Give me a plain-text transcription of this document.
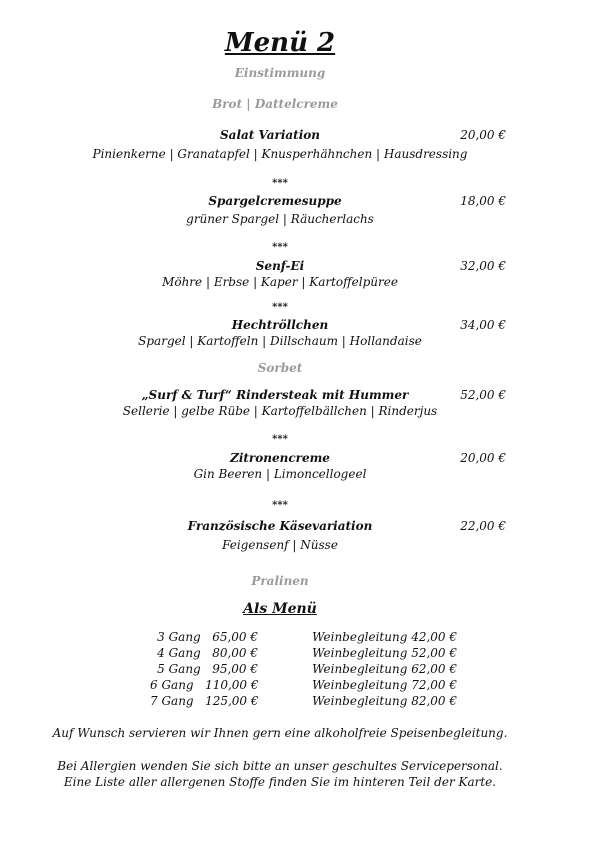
Menü 2
Einstimmung
Brot | Dattelcreme
Salat Variation	20,00 €
Pinienkerne | Granatapfel | Knusperhähnchen | Hausdressing
***
Spargelcremesuppe	18,00 €
grüner Spargel | Räucherlachs
***
Senf-Ei	32,00 €
Möhre | Erbse | Kaper | Kartoffelpüree
***
Hechtröllchen	34,00 €
Spargel | Kartoffeln | Dillschaum | Hollandaise
Sorbet
„Surf & Turf“ Rindersteak mit Hummer	52,00 €
Sellerie | gelbe Rübe | Kartoffelbällchen | Rinderjus
***
Zitronencreme	20,00 €
Gin Beeren | Limoncellogeel
***
Französische Käsevariation	22,00 €
Feigensenf | Nüsse
Pralinen
Als Menü
3 Gang 65,00 €	Weinbegleitung 42,00 €
4 Gang 80,00 €	Weinbegleitung 52,00 €
5 Gang 95,00 €	Weinbegleitung 62,00 €
6 Gang 110,00 €	Weinbegleitung 72,00 €
7 Gang 125,00 €	Weinbegleitung 82,00 €
Auf Wunsch servieren wir Ihnen gern eine alkoholfreie Speisenbegleitung.
Bei Allergien wenden Sie sich bitte an unser geschultes Servicepersonal.
Eine Liste aller allergenen Stoffe finden Sie im hinteren Teil der Karte.
